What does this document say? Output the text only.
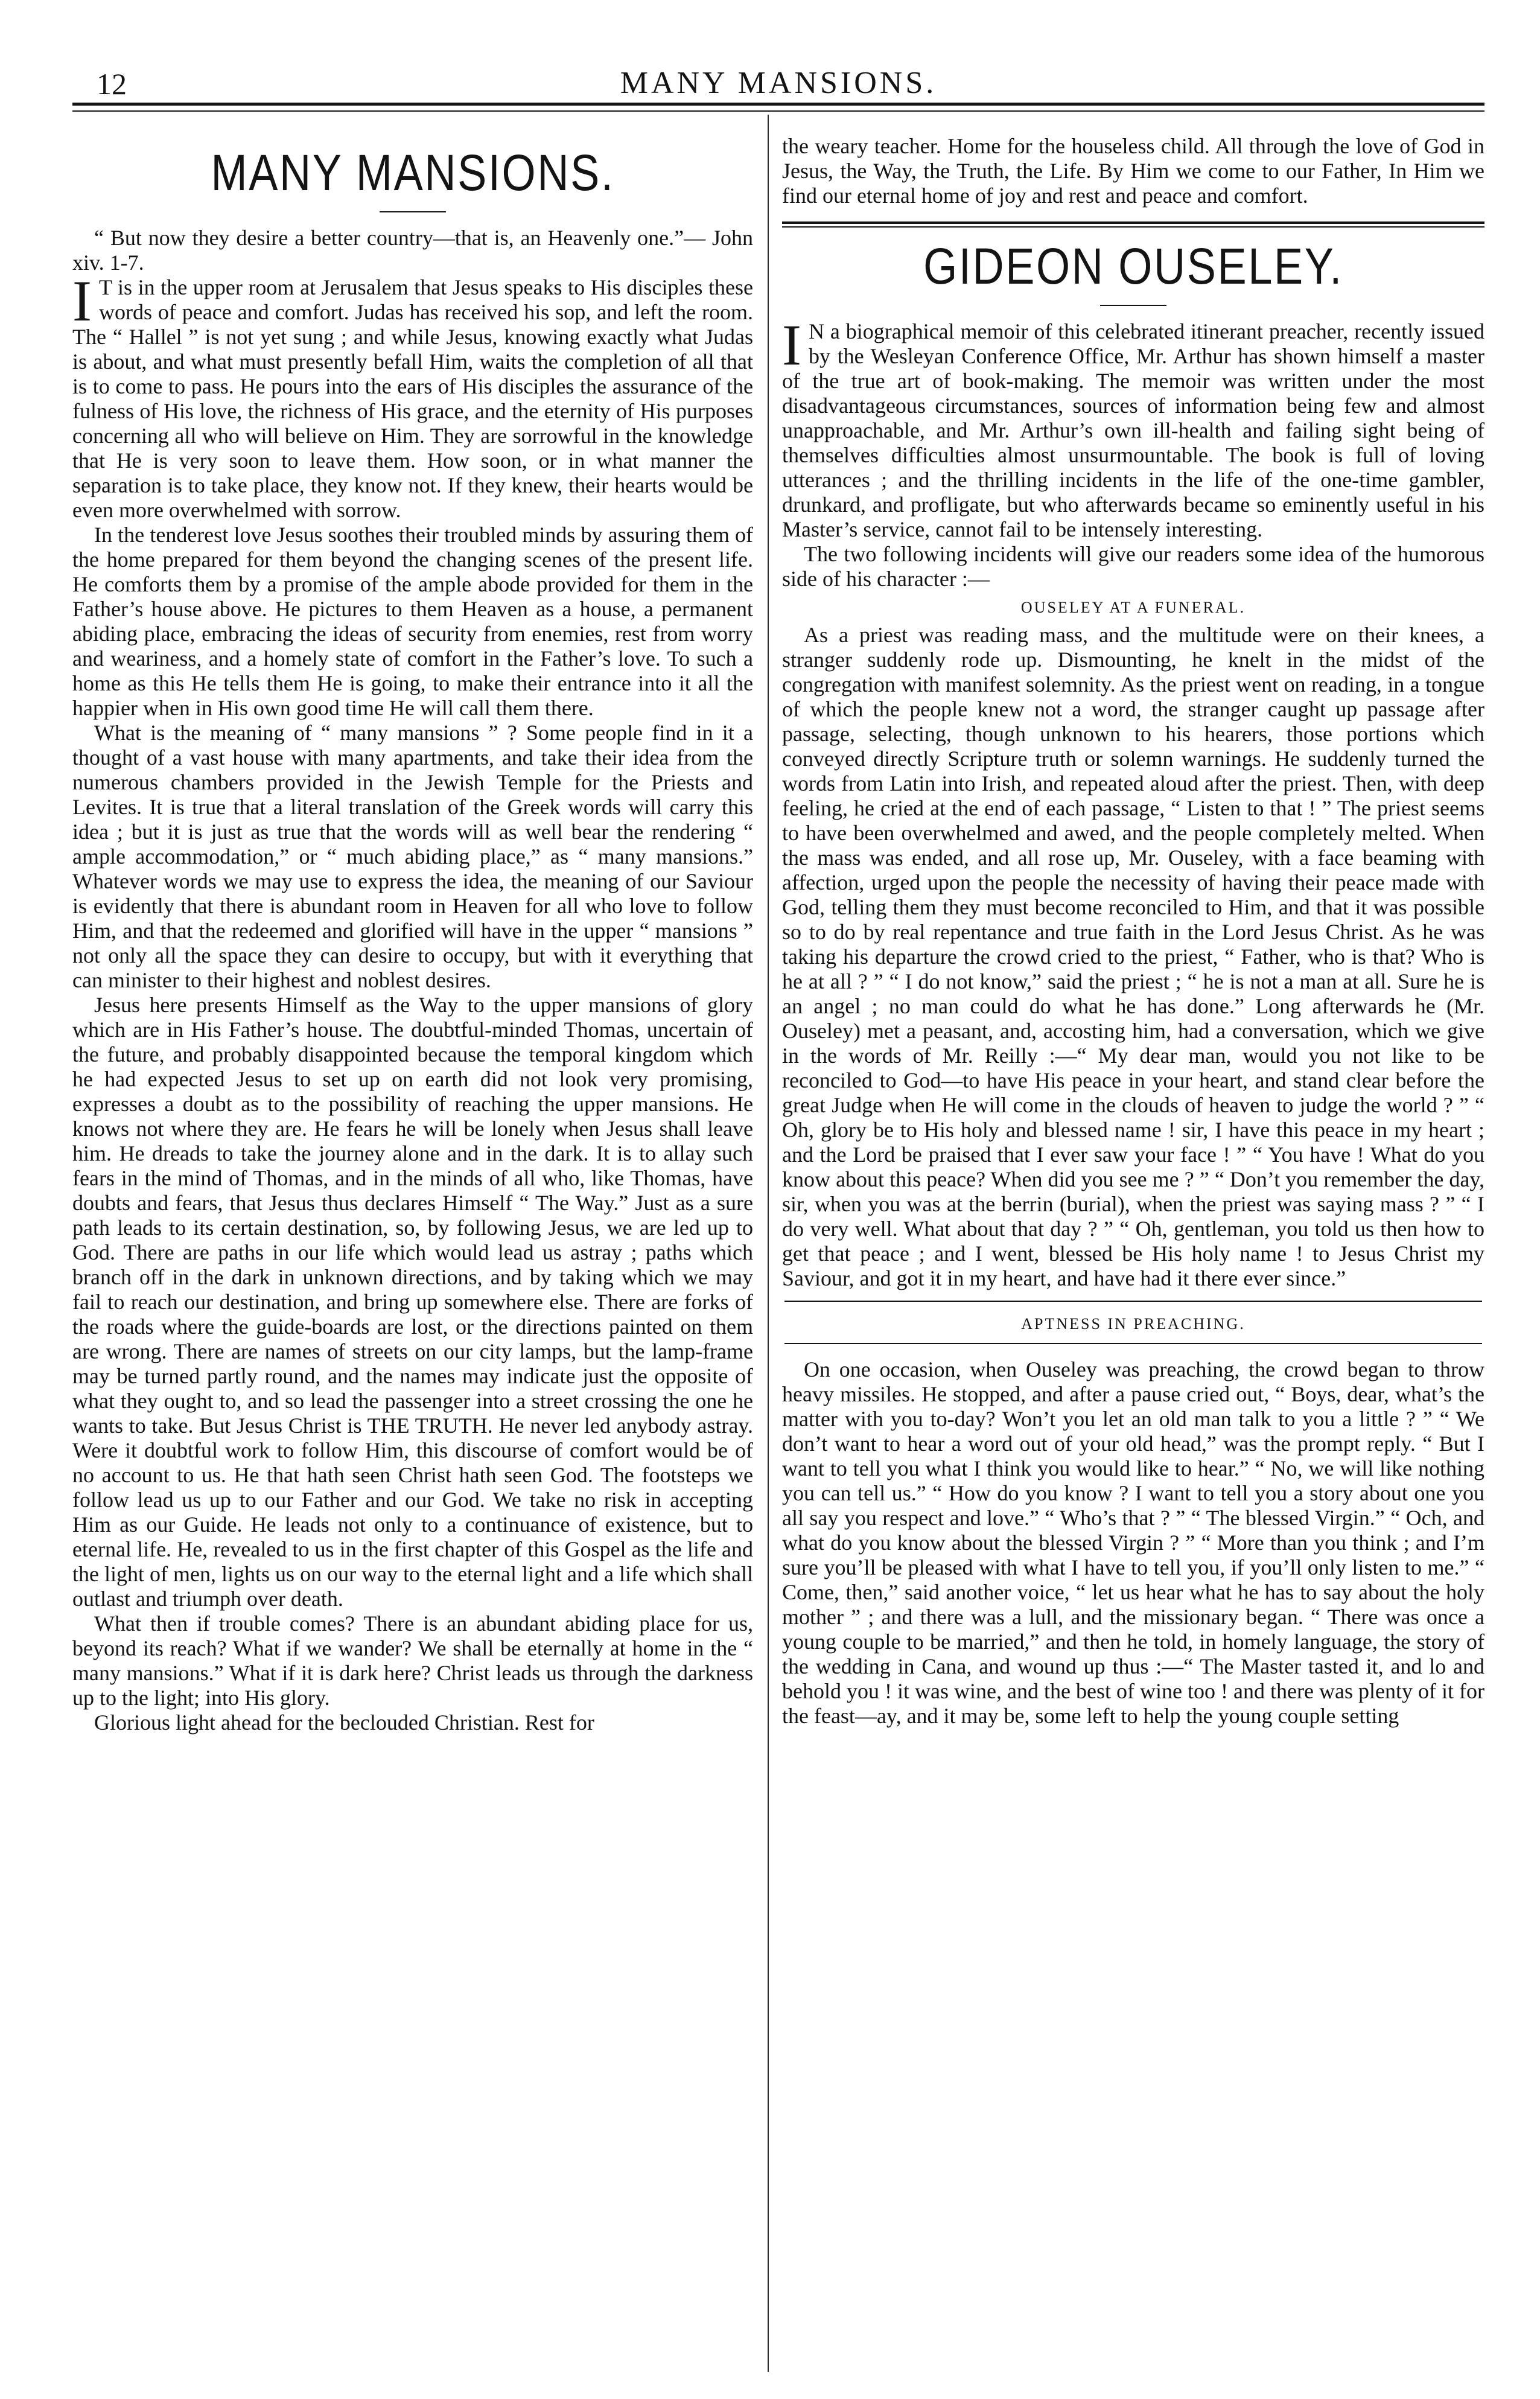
12	MANY MANSIONS.
MANY MANSIONS.

“ But now they desire a better country—that is, an Heavenly one.”— John xiv. 1-7.

I T is in the upper room at Jerusalem that Jesus speaks to His disciples these words of peace and comfort. Judas has received his sop, and left the room. The “ Hallel ” is not yet sung ; and while Jesus, knowing exactly what Judas is about, and what must presently befall Him, waits the completion of all that is to come to pass. He pours into the ears of His disciples the assurance of the fulness of His love, the richness of His grace, and the eternity of His purposes concerning all who will believe on Him. They are sorrowful in the knowledge that He is very soon to leave them. How soon, or in what manner the separation is to take place, they know not. If they knew, their hearts would be even more overwhelmed with sorrow.

In the tenderest love Jesus soothes their troubled minds by assuring them of the home prepared for them beyond the changing scenes of the present life. He comforts them by a promise of the ample abode provided for them in the Father’s house above. He pictures to them Heaven as a house, a permanent abiding place, embracing the ideas of security from enemies, rest from worry and weariness, and a homely state of comfort in the Father’s love. To such a home as this He tells them He is going, to make their entrance into it all the happier when in His own good time He will call them there.

What is the meaning of “ many mansions ” ? Some people find in it a thought of a vast house with many apartments, and take their idea from the numerous chambers provided in the Jewish Temple for the Priests and Levites. It is true that a literal translation of the Greek words will carry this idea ; but it is just as true that the words will as well bear the rendering “ ample accommodation,” or “ much abiding place,” as “ many mansions.” Whatever words we may use to express the idea, the meaning of our Saviour is evidently that there is abundant room in Heaven for all who love to follow Him, and that the redeemed and glorified will have in the upper “ mansions ” not only all the space they can desire to occupy, but with it everything that can minister to their highest and noblest desires.

Jesus here presents Himself as the Way to the upper mansions of glory which are in His Father’s house. The doubtful-minded Thomas, uncertain of the future, and probably disappointed because the temporal kingdom which he had expected Jesus to set up on earth did not look very promising, expresses a doubt as to the possibility of reaching the upper mansions. He knows not where they are. He fears he will be lonely when Jesus shall leave him. He dreads to take the journey alone and in the dark. It is to allay such fears in the mind of Thomas, and in the minds of all who, like Thomas, have doubts and fears, that Jesus thus declares Himself “ The Way.” Just as a sure path leads to its certain destination, so, by following Jesus, we are led up to God. There are paths in our life which would lead us astray ; paths which branch off in the dark in unknown directions, and by taking which we may fail to reach our destination, and bring up somewhere else. There are forks of the roads where the guide-boards are lost, or the directions painted on them are wrong. There are names of streets on our city lamps, but the lamp-frame may be turned partly round, and the names may indicate just the opposite of what they ought to, and so lead the passenger into a street crossing the one he wants to take. But Jesus Christ is THE TRUTH. He never led anybody astray. Were it doubtful work to follow Him, this discourse of comfort would be of no account to us. He that hath seen Christ hath seen God. The footsteps we follow lead us up to our Father and our God. We take no risk in accepting Him as our Guide. He leads not only to a continuance of existence, but to eternal life. He, revealed to us in the first chapter of this Gospel as the life and the light of men, lights us on our way to the eternal light and a life which shall outlast and triumph over death.

What then if trouble comes? There is an abundant abiding place for us, beyond its reach? What if we wander? We shall be eternally at home in the “ many mansions.” What if it is dark here? Christ leads us through the darkness up to the light; into His glory.

Glorious light ahead for the beclouded Christian. Rest for

the weary teacher. Home for the houseless child. All through the love of God in Jesus, the Way, the Truth, the Life. By Him we come to our Father, In Him we find our eternal home of joy and rest and peace and comfort.

GIDEON OUSELEY.

I N a biographical memoir of this celebrated itinerant preacher, recently issued by the Wesleyan Conference Office, Mr. Arthur has shown himself a master of the true art of book-making. The memoir was written under the most disadvantageous circumstances, sources of information being few and almost unapproachable, and Mr. Arthur’s own ill-health and failing sight being of themselves difficulties almost unsurmountable. The book is full of loving utterances ; and the thrilling incidents in the life of the one-time gambler, drunkard, and profligate, but who afterwards became so eminently useful in his Master’s service, cannot fail to be intensely interesting.

The two following incidents will give our readers some idea of the humorous side of his character :—

OUSELEY AT A FUNERAL.

As a priest was reading mass, and the multitude were on their knees, a stranger suddenly rode up. Dismounting, he knelt in the midst of the congregation with manifest solemnity. As the priest went on reading, in a tongue of which the people knew not a word, the stranger caught up passage after passage, selecting, though unknown to his hearers, those portions which conveyed directly Scripture truth or solemn warnings. He suddenly turned the words from Latin into Irish, and repeated aloud after the priest. Then, with deep feeling, he cried at the end of each passage, “ Listen to that ! ” The priest seems to have been overwhelmed and awed, and the people completely melted. When the mass was ended, and all rose up, Mr. Ouseley, with a face beaming with affection, urged upon the people the necessity of having their peace made with God, telling them they must become reconciled to Him, and that it was possible so to do by real repentance and true faith in the Lord Jesus Christ. As he was taking his departure the crowd cried to the priest, “ Father, who is that? Who is he at all ? ” “ I do not know,” said the priest ; “ he is not a man at all. Sure he is an angel ; no man could do what he has done.” Long afterwards he (Mr. Ouseley) met a peasant, and, accosting him, had a conversation, which we give in the words of Mr. Reilly :—“ My dear man, would you not like to be reconciled to God—to have His peace in your heart, and stand clear before the great Judge when He will come in the clouds of heaven to judge the world ? ” “ Oh, glory be to His holy and blessed name ! sir, I have this peace in my heart ; and the Lord be praised that I ever saw your face ! ” “ You have ! What do you know about this peace? When did you see me ? ” “ Don’t you remember the day, sir, when you was at the berrin (burial), when the priest was saying mass ? ” “ I do very well. What about that day ? ” “ Oh, gentleman, you told us then how to get that peace ; and I went, blessed be His holy name ! to Jesus Christ my Saviour, and got it in my heart, and have had it there ever since.”

APTNESS IN PREACHING.

On one occasion, when Ouseley was preaching, the crowd began to throw heavy missiles. He stopped, and after a pause cried out, “ Boys, dear, what’s the matter with you to-day? Won’t you let an old man talk to you a little ? ” “ We don’t want to hear a word out of your old head,” was the prompt reply. “ But I want to tell you what I think you would like to hear.” “ No, we will like nothing you can tell us.” “ How do you know ? I want to tell you a story about one you all say you respect and love.” “ Who’s that ? ” “ The blessed Virgin.” “ Och, and what do you know about the blessed Virgin ? ” “ More than you think ; and I’m sure you’ll be pleased with what I have to tell you, if you’ll only listen to me.” “ Come, then,” said another voice, “ let us hear what he has to say about the holy mother ” ; and there was a lull, and the missionary began. “ There was once a young couple to be married,” and then he told, in homely language, the story of the wedding in Cana, and wound up thus :—“ The Master tasted it, and lo and behold you ! it was wine, and the best of wine too ! and there was plenty of it for the feast—ay, and it may be, some left to help the young couple setting
